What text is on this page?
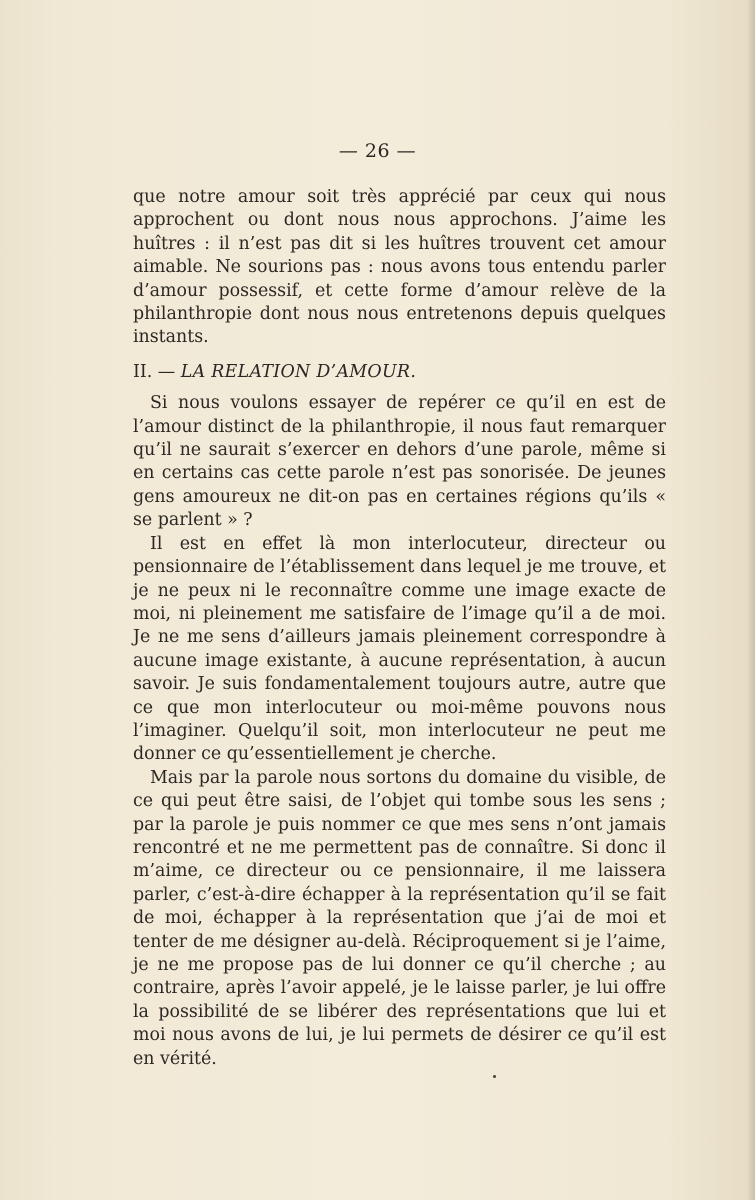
— 26 —

que notre amour soit très apprécié par ceux qui nous approchent ou dont nous nous approchons. J’aime les huîtres : il n’est pas dit si les huîtres trouvent cet amour aimable. Ne sourions pas : nous avons tous entendu parler d’amour possessif, et cette forme d’amour relève de la philanthropie dont nous nous entretenons depuis quelques instants.

II. — LA RELATION D’AMOUR.

Si nous voulons essayer de repérer ce qu’il en est de l’amour distinct de la philanthropie, il nous faut remarquer qu’il ne saurait s’exercer en dehors d’une parole, même si en certains cas cette parole n’est pas sonorisée. De jeunes gens amoureux ne dit-on pas en certaines régions qu’ils « se parlent » ?

Il est en effet là mon interlocuteur, directeur ou pensionnaire de l’établissement dans lequel je me trouve, et je ne peux ni le reconnaître comme une image exacte de moi, ni pleinement me satisfaire de l’image qu’il a de moi. Je ne me sens d’ailleurs jamais pleinement correspondre à aucune image existante, à aucune représentation, à aucun savoir. Je suis fondamentalement toujours autre, autre que ce que mon interlocuteur ou moi-même pouvons nous l’imaginer. Quelqu’il soit, mon interlocuteur ne peut me donner ce qu’essentiellement je cherche.

Mais par la parole nous sortons du domaine du visible, de ce qui peut être saisi, de l’objet qui tombe sous les sens ; par la parole je puis nommer ce que mes sens n’ont jamais rencontré et ne me permettent pas de connaître. Si donc il m’aime, ce directeur ou ce pensionnaire, il me laissera parler, c’est-à-dire échapper à la représentation qu’il se fait de moi, échapper à la représentation que j’ai de moi et tenter de me désigner au-delà. Réciproquement si je l’aime, je ne me propose pas de lui donner ce qu’il cherche ; au contraire, après l’avoir appelé, je le laisse parler, je lui offre la possibilité de se libérer des représentations que lui et moi nous avons de lui, je lui permets de désirer ce qu’il est en vérité.
